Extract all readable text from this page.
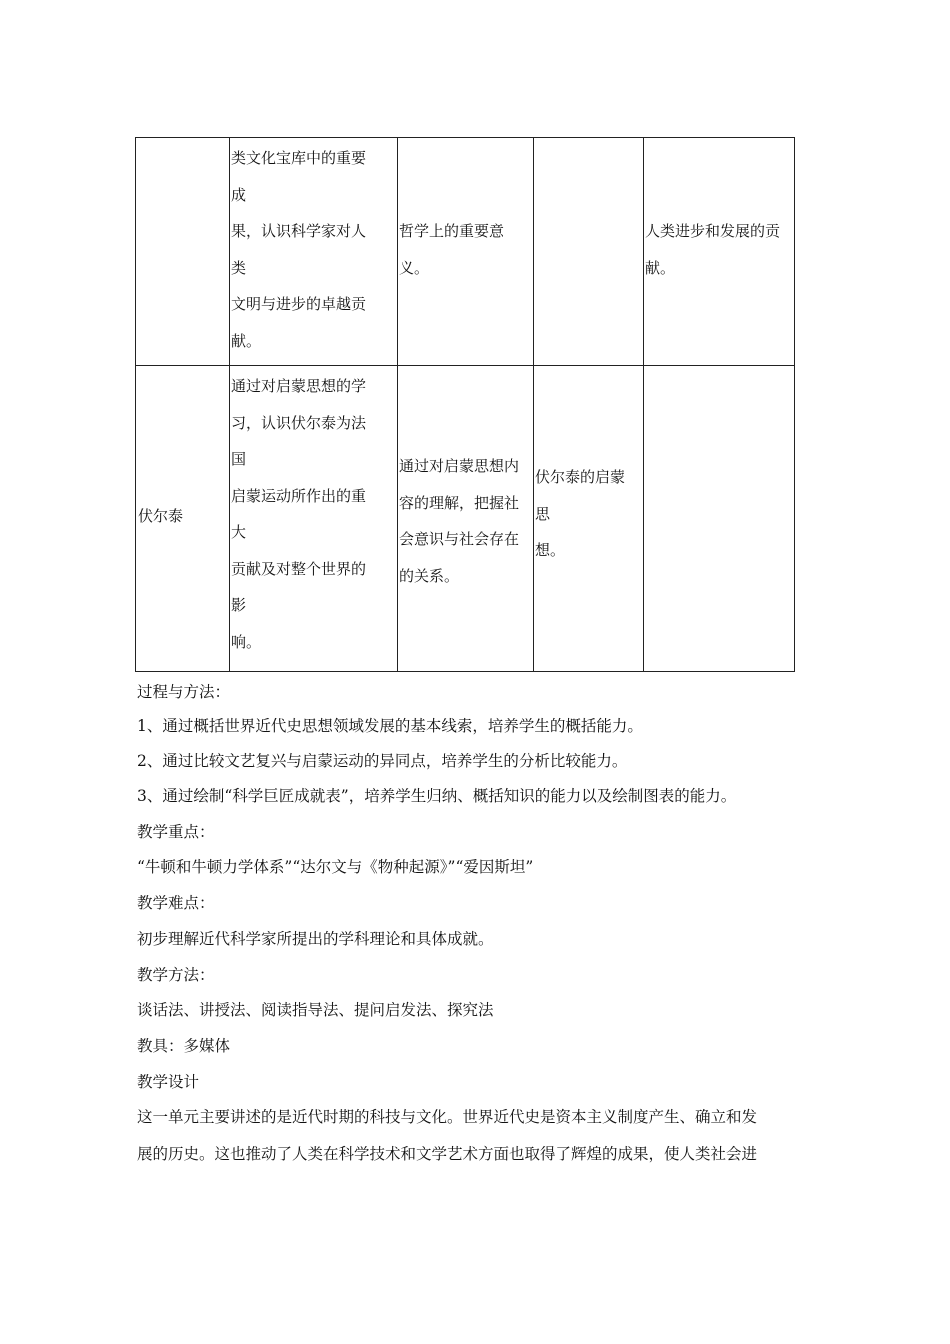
类文化宝库中的重要
成
果，认识科学家对人
类
文明与进步的卓越贡
献。
哲学上的重要意
义。
人类进步和发展的贡
献。
伏尔泰
通过对启蒙思想的学
习，认识伏尔泰为法
国
启蒙运动所作出的重
大
贡献及对整个世界的
影
响。
通过对启蒙思想内
容的理解，把握社
会意识与社会存在
的关系。
伏尔泰的启蒙
思
想。
过程与方法：
1、通过概括世界近代史思想领域发展的基本线索，培养学生的概括能力。
2、通过比较文艺复兴与启蒙运动的异同点，培养学生的分析比较能力。
3、通过绘制“科学巨匠成就表”，培养学生归纳、概括知识的能力以及绘制图表的能力。
教学重点：
“牛顿和牛顿力学体系”“达尔文与《物种起源》”“爱因斯坦”
教学难点：
初步理解近代科学家所提出的学科理论和具体成就。
教学方法：
谈话法、讲授法、阅读指导法、提问启发法、探究法
教具：多媒体
教学设计
这一单元主要讲述的是近代时期的科技与文化。世界近代史是资本主义制度产生、确立和发
展的历史。这也推动了人类在科学技术和文学艺术方面也取得了辉煌的成果，使人类社会进
